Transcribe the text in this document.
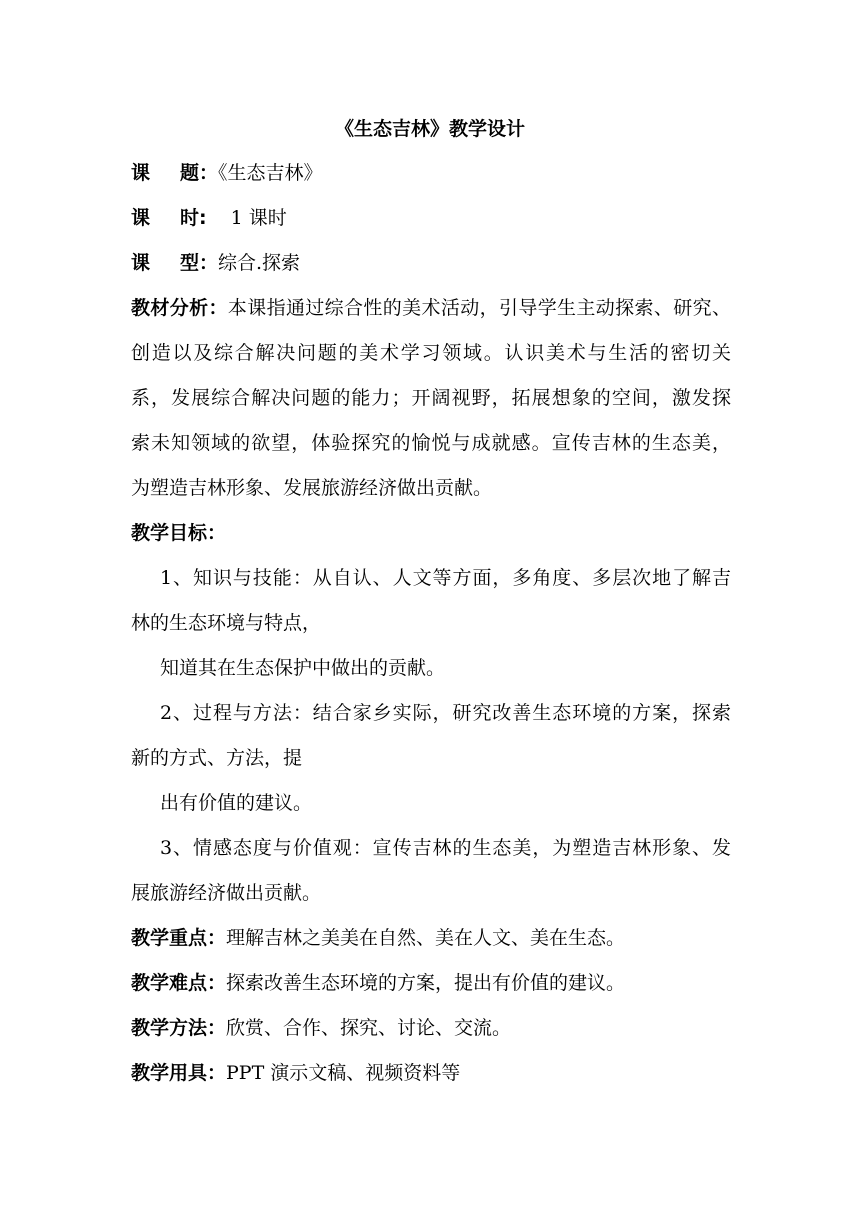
《生态吉林》教学设计
课 题：《生态吉林》
课 时: 1 课时
课 型：综合.探索
教材分析：本课指通过综合性的美术活动，引导学生主动探索、研究、
创造以及综合解决问题的美术学习领域。认识美术与生活的密切关
系，发展综合解决问题的能力；开阔视野，拓展想象的空间，激发探
索未知领域的欲望，体验探究的愉悦与成就感。宣传吉林的生态美，
为塑造吉林形象、发展旅游经济做出贡献。
教学目标：
1、知识与技能：从自认、人文等方面，多角度、多层次地了解吉
林的生态环境与特点，
知道其在生态保护中做出的贡献。
2、过程与方法：结合家乡实际，研究改善生态环境的方案，探索
新的方式、方法，提
出有价值的建议。
3、情感态度与价值观：宣传吉林的生态美，为塑造吉林形象、发
展旅游经济做出贡献。
教学重点：理解吉林之美美在自然、美在人文、美在生态。
教学难点：探索改善生态环境的方案，提出有价值的建议。
教学方法：欣赏、合作、探究、讨论、交流。
教学用具：PPT 演示文稿、视频资料等
